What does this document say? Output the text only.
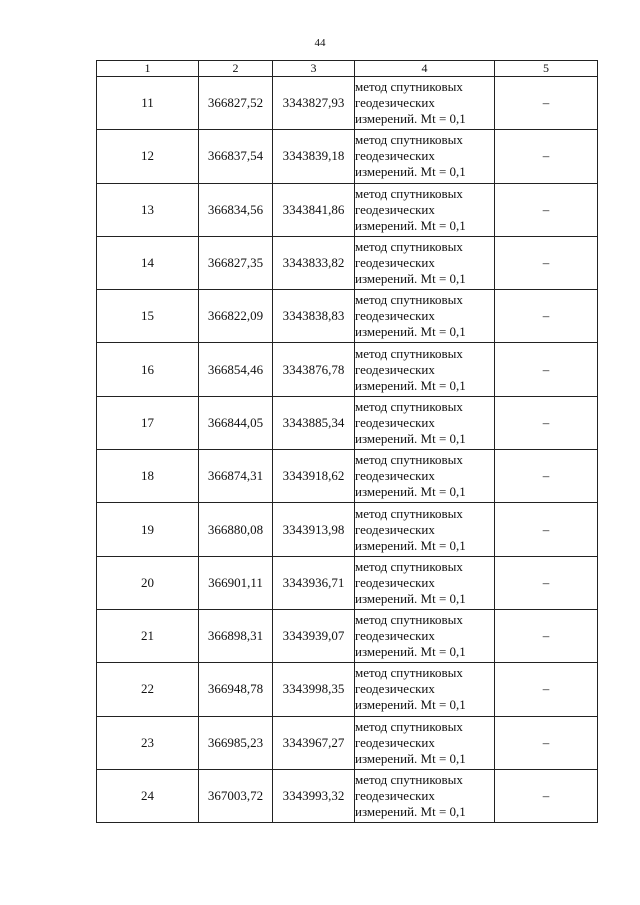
44
1	2	3	4	5
11	366827,52	3343827,93	метод спутниковых
геодезических
измерений. Mt = 0,1	–
12	366837,54	3343839,18	метод спутниковых
геодезических
измерений. Mt = 0,1	–
13	366834,56	3343841,86	метод спутниковых
геодезических
измерений. Mt = 0,1	–
14	366827,35	3343833,82	метод спутниковых
геодезических
измерений. Mt = 0,1	–
15	366822,09	3343838,83	метод спутниковых
геодезических
измерений. Mt = 0,1	–
16	366854,46	3343876,78	метод спутниковых
геодезических
измерений. Mt = 0,1	–
17	366844,05	3343885,34	метод спутниковых
геодезических
измерений. Mt = 0,1	–
18	366874,31	3343918,62	метод спутниковых
геодезических
измерений. Mt = 0,1	–
19	366880,08	3343913,98	метод спутниковых
геодезических
измерений. Mt = 0,1	–
20	366901,11	3343936,71	метод спутниковых
геодезических
измерений. Mt = 0,1	–
21	366898,31	3343939,07	метод спутниковых
геодезических
измерений. Mt = 0,1	–
22	366948,78	3343998,35	метод спутниковых
геодезических
измерений. Mt = 0,1	–
23	366985,23	3343967,27	метод спутниковых
геодезических
измерений. Mt = 0,1	–
24	367003,72	3343993,32	метод спутниковых
геодезических
измерений. Mt = 0,1	–
